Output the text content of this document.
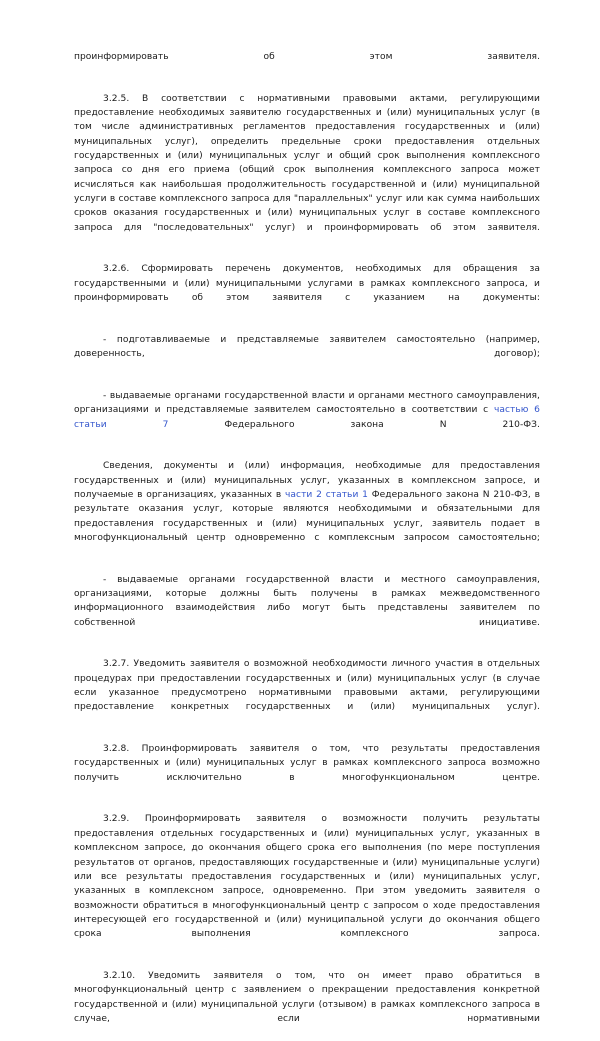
проинформировать об этом заявителя.

3.2.5. В соответствии с нормативными правовыми актами, регулирующими предоставление необходимых заявителю государственных и (или) муниципальных услуг (в том числе административных регламентов предоставления государственных и (или) муниципальных услуг), определить предельные сроки предоставления отдельных государственных и (или) муниципальных услуг и общий срок выполнения комплексного запроса со дня его приема (общий срок выполнения комплексного запроса может исчисляться как наибольшая продолжительность государственной и (или) муниципальной услуги в составе комплексного запроса для "параллельных" услуг или как сумма наибольших сроков оказания государственных и (или) муниципальных услуг в составе комплексного запроса для "последовательных" услуг) и проинформировать об этом заявителя.

3.2.6. Сформировать перечень документов, необходимых для обращения за государственными и (или) муниципальными услугами в рамках комплексного запроса, и проинформировать об этом заявителя с указанием на документы:

- подготавливаемые и представляемые заявителем самостоятельно (например, доверенность, договор);

- выдаваемые органами государственной власти и органами местного самоуправления, организациями и представляемые заявителем самостоятельно в соответствии с частью 6 статьи 7 Федерального закона N 210-ФЗ.

Сведения, документы и (или) информация, необходимые для предоставления государственных и (или) муниципальных услуг, указанных в комплексном запросе, и получаемые в организациях, указанных в части 2 статьи 1 Федерального закона N 210-ФЗ, в результате оказания услуг, которые являются необходимыми и обязательными для предоставления государственных и (или) муниципальных услуг, заявитель подает в многофункциональный центр одновременно с комплексным запросом самостоятельно;

- выдаваемые органами государственной власти и местного самоуправления, организациями, которые должны быть получены в рамках межведомственного информационного взаимодействия либо могут быть представлены заявителем по собственной инициативе.

3.2.7. Уведомить заявителя о возможной необходимости личного участия в отдельных процедурах при предоставлении государственных и (или) муниципальных услуг (в случае если указанное предусмотрено нормативными правовыми актами, регулирующими предоставление конкретных государственных и (или) муниципальных услуг).

3.2.8. Проинформировать заявителя о том, что результаты предоставления государственных и (или) муниципальных услуг в рамках комплексного запроса возможно получить исключительно в многофункциональном центре.

3.2.9. Проинформировать заявителя о возможности получить результаты предоставления отдельных государственных и (или) муниципальных услуг, указанных в комплексном запросе, до окончания общего срока его выполнения (по мере поступления результатов от органов, предоставляющих государственные и (или) муниципальные услуги) или все результаты предоставления государственных и (или) муниципальных услуг, указанных в комплексном запросе, одновременно. При этом уведомить заявителя о возможности обратиться в многофункциональный центр с запросом о ходе предоставления интересующей его государственной и (или) муниципальной услуги до окончания общего срока выполнения комплексного запроса.

3.2.10. Уведомить заявителя о том, что он имеет право обратиться в многофункциональный центр с заявлением о прекращении предоставления конкретной государственной и (или) муниципальной услуги (отзывом) в рамках комплексного запроса в случае, если нормативными
